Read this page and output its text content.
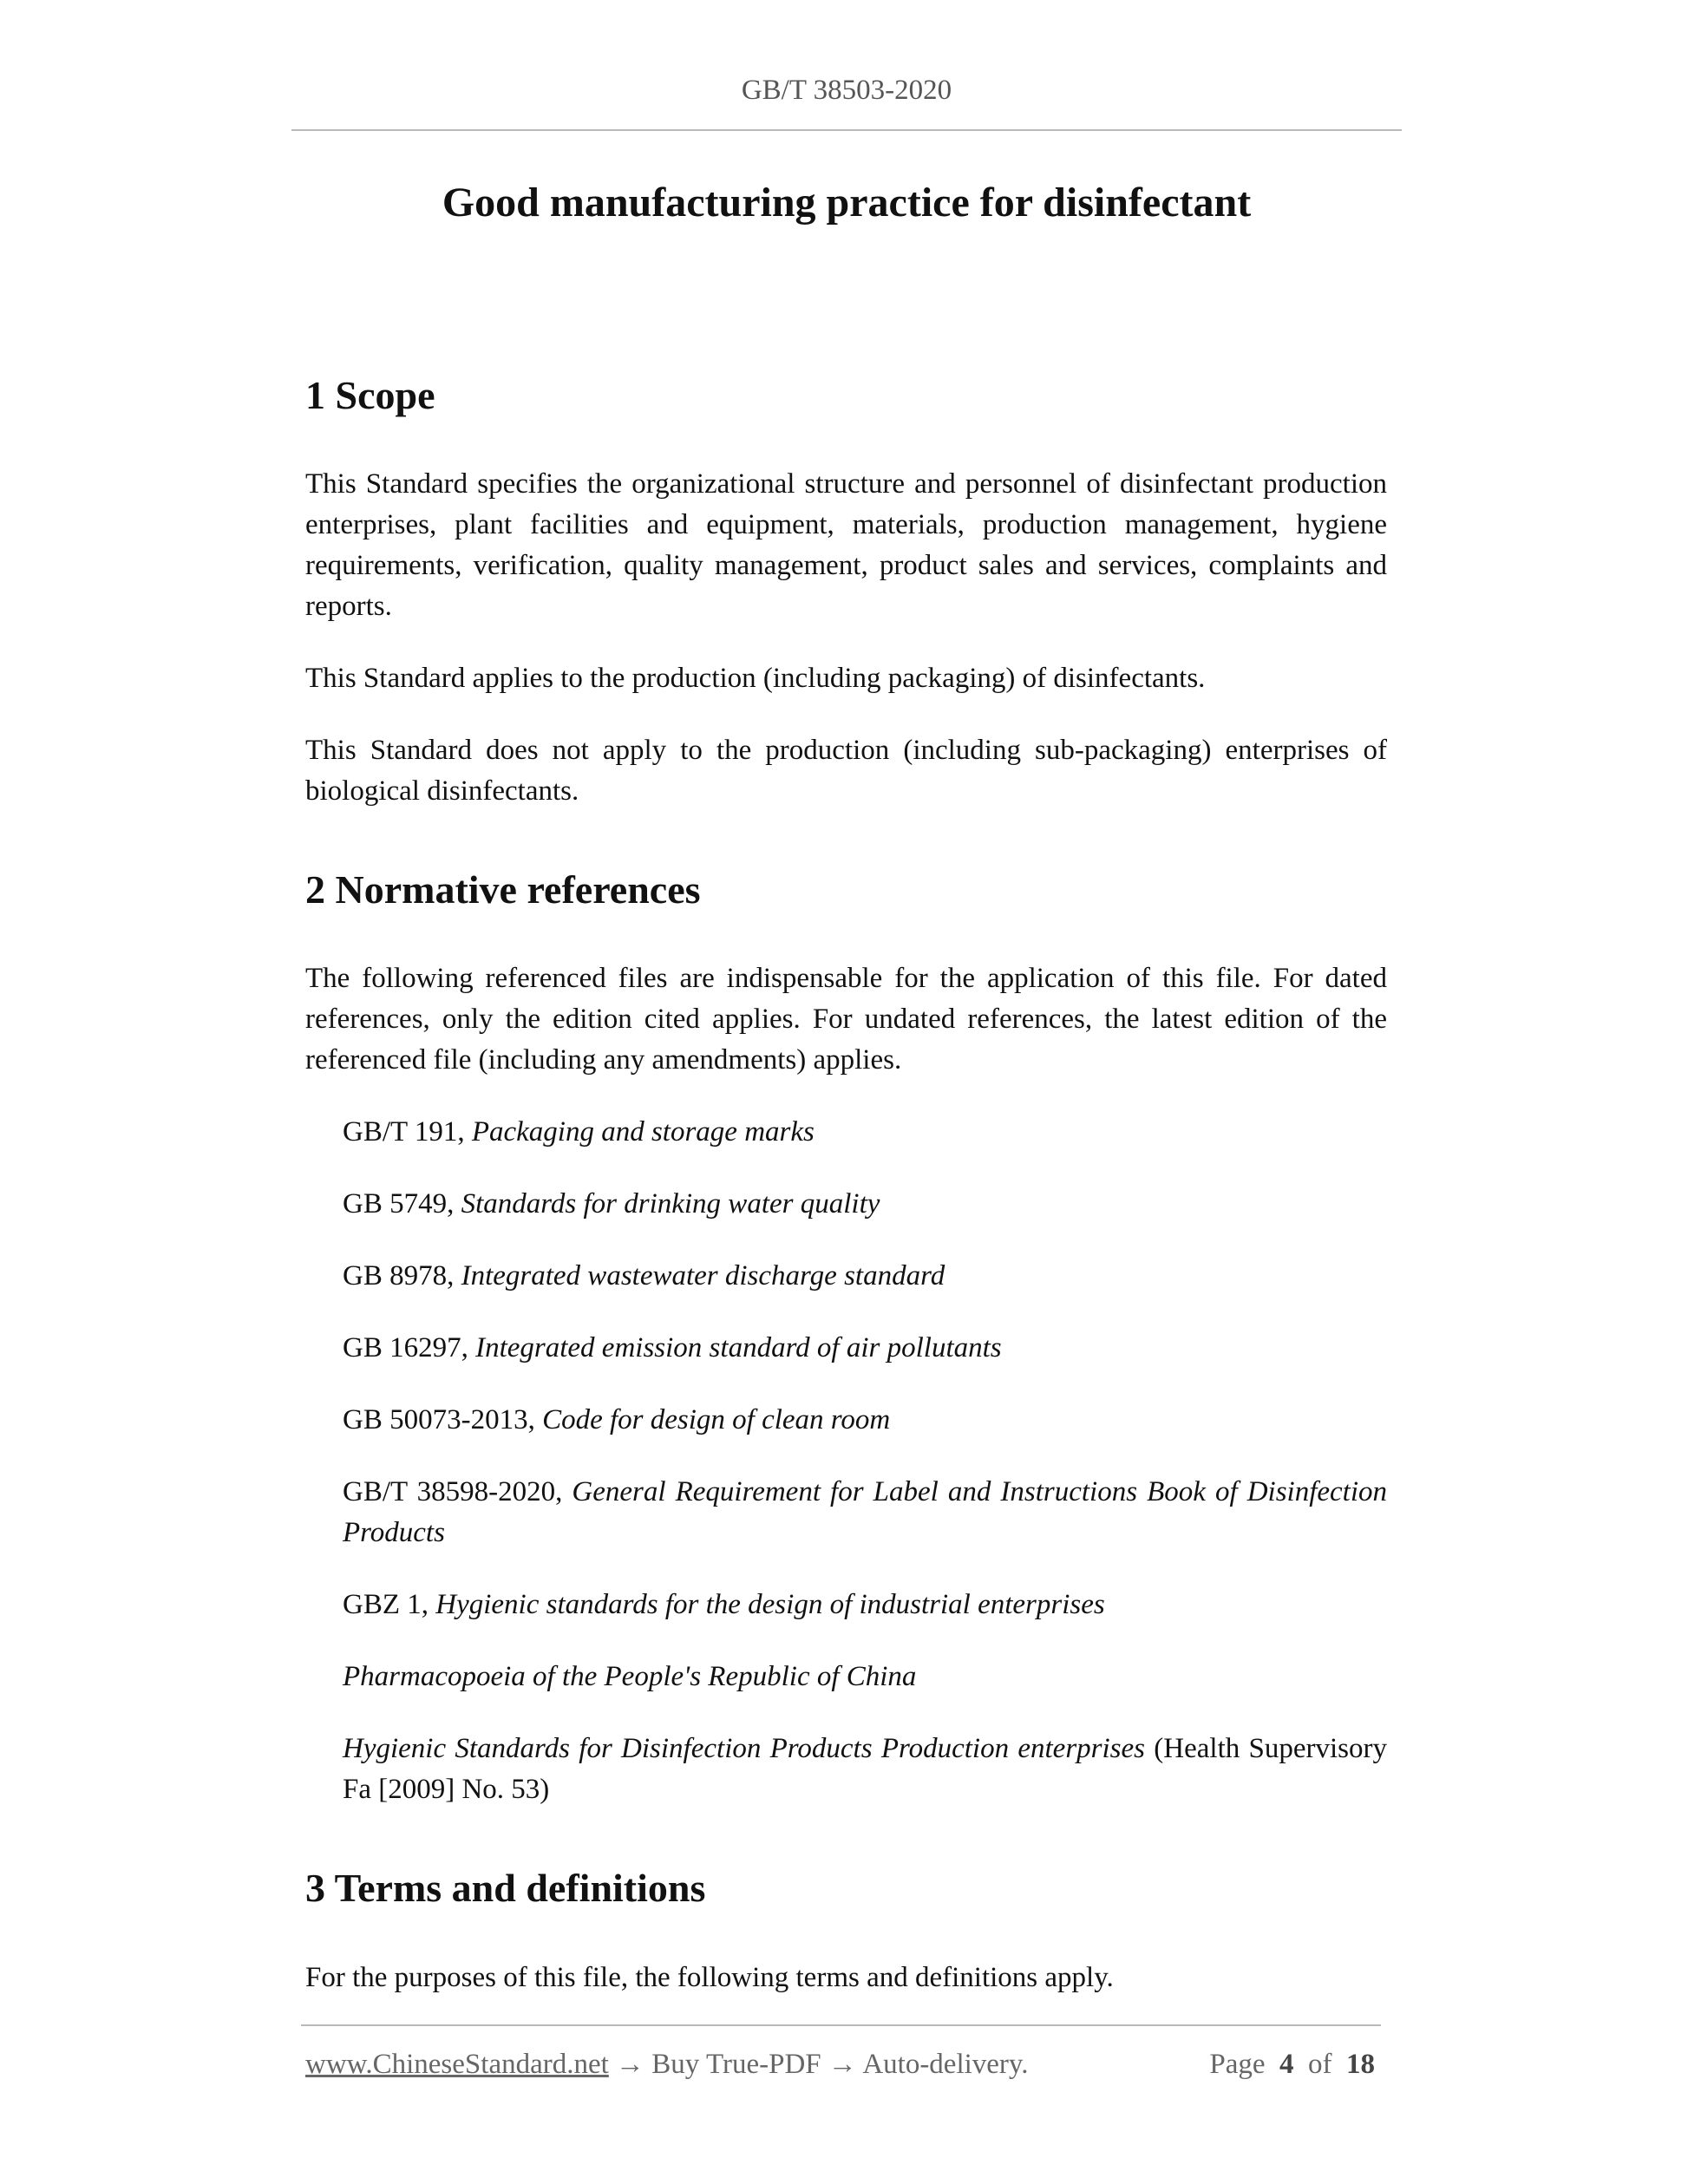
GB/T 38503-2020
Good manufacturing practice for disinfectant
1 Scope

This Standard specifies the organizational structure and personnel of disinfectant production enterprises, plant facilities and equipment, materials, production management, hygiene requirements, verification, quality management, product sales and services, complaints and reports.

This Standard applies to the production (including packaging) of disinfectants.

This Standard does not apply to the production (including sub-packaging) enterprises of biological disinfectants.

2 Normative references

The following referenced files are indispensable for the application of this file. For dated references, only the edition cited applies. For undated references, the latest edition of the referenced file (including any amendments) applies.

GB/T 191, Packaging and storage marks

GB 5749, Standards for drinking water quality

GB 8978, Integrated wastewater discharge standard

GB 16297, Integrated emission standard of air pollutants

GB 50073-2013, Code for design of clean room

GB/T 38598-2020, General Requirement for Label and Instructions Book of Disinfection Products

GBZ 1, Hygienic standards for the design of industrial enterprises

Pharmacopoeia of the People's Republic of China

Hygienic Standards for Disinfection Products Production enterprises (Health Supervisory Fa [2009] No. 53)

3 Terms and definitions

For the purposes of this file, the following terms and definitions apply.

www.ChineseStandard.net → Buy True-PDF → Auto-delivery.	Page 4 of 18
